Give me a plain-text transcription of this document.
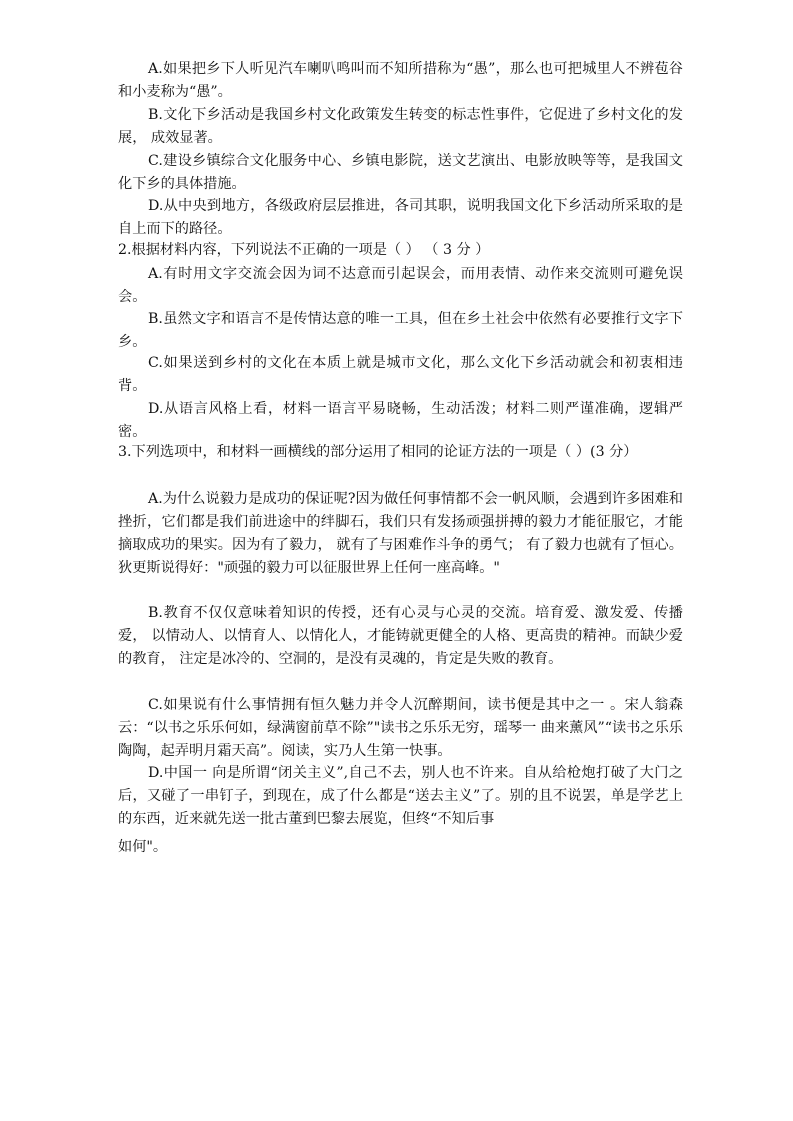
A.如果把乡下人听见汽车喇叭鸣叫而不知所措称为“愚”，那么也可把城里人不辨苞谷和小麦称为“愚”。

B.文化下乡活动是我国乡村文化政策发生转变的标志性事件，它促进了乡村文化的发展， 成效显著。

C.建设乡镇综合文化服务中心、乡镇电影院，送文艺演出、电影放映等等，是我国文化下乡的具体措施。

D.从中央到地方，各级政府层层推进，各司其职，说明我国文化下乡活动所采取的是自上而下的路径。

2.根据材料内容，下列说法不正确的一项是（ ） （ 3 分 ）

A.有时用文字交流会因为词不达意而引起误会，而用表情、动作来交流则可避免误会。

B.虽然文字和语言不是传情达意的唯一工具，但在乡土社会中依然有必要推行文字下乡。

C.如果送到乡村的文化在本质上就是城市文化，那么文化下乡活动就会和初衷相违背。

D.从语言风格上看，材料一语言平易晓畅，生动活泼；材料二则严谨准确，逻辑严密。

3.下列选项中，和材料一画横线的部分运用了相同的论证方法的一项是（ ）(3 分）

A.为什么说毅力是成功的保证呢?因为做任何事情都不会一帆风顺，会遇到许多困难和挫折，它们都是我们前进途中的绊脚石，我们只有发扬顽强拼搏的毅力才能征服它，才能摘取成功的果实。因为有了毅力， 就有了与困难作斗争的勇气； 有了毅力也就有了恒心。狄更斯说得好："顽强的毅力可以征服世界上任何一座高峰。"

B.教育不仅仅意味着知识的传授，还有心灵与心灵的交流。培育爱、激发爱、传播爱， 以情动人、以情育人、以情化人，才能铸就更健全的人格、更高贵的精神。而缺少爱的教育， 注定是冰冷的、空洞的，是没有灵魂的，肯定是失败的教育。

C.如果说有什么事情拥有恒久魅力并令人沉醉期间，读书便是其中之一 。宋人翁森云：“以书之乐乐何如，绿满窗前草不除”"读书之乐乐无穷，瑶琴一 曲来薰风”“读书之乐乐陶陶，起弄明月霜天高”。阅读，实乃人生第一快事。

D.中国一 向是所谓“闭关主义”,自己不去，别人也不许来。自从给枪炮打破了大门之后，又碰了一串钉子，到现在，成了什么都是“送去主义”了。别的且不说罢，单是学艺上的东西，近来就先送一批古董到巴黎去展览，但终“不知后事

如何"。
